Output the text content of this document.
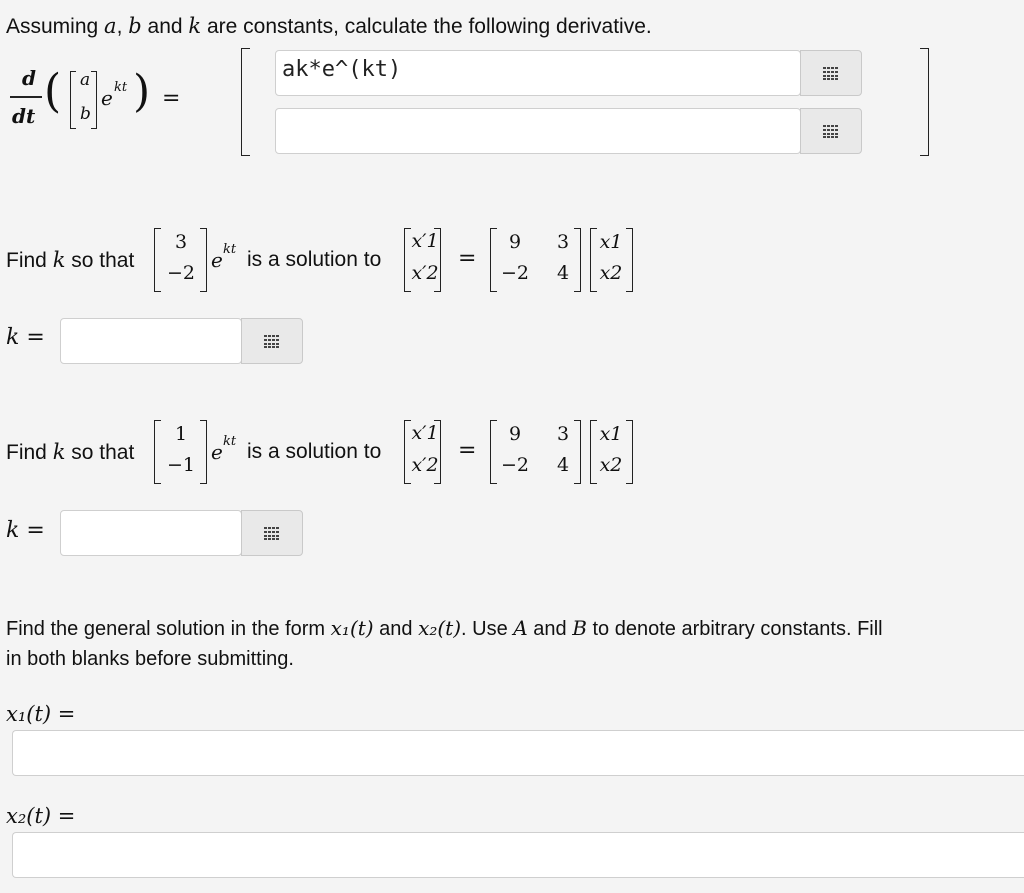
Assuming a, b and k are constants, calculate the following derivative.
d
dt ( a
b
e kt ) =
ak*e^(kt)
Find k so that
3
−2
e kt is a solution to
x′1
x′2
=
9	3
−2 4
x1
x2
k =
Find k so that
1
−1
e kt is a solution to
x′1
x′2
=
9	3
−2 4
x1
x2
k =
Find the general solution in the form x₁(t) and x₂(t). Use A and B to denote arbitrary constants. Fill
in both blanks before submitting.
x₁(t) =
x₂(t) =
